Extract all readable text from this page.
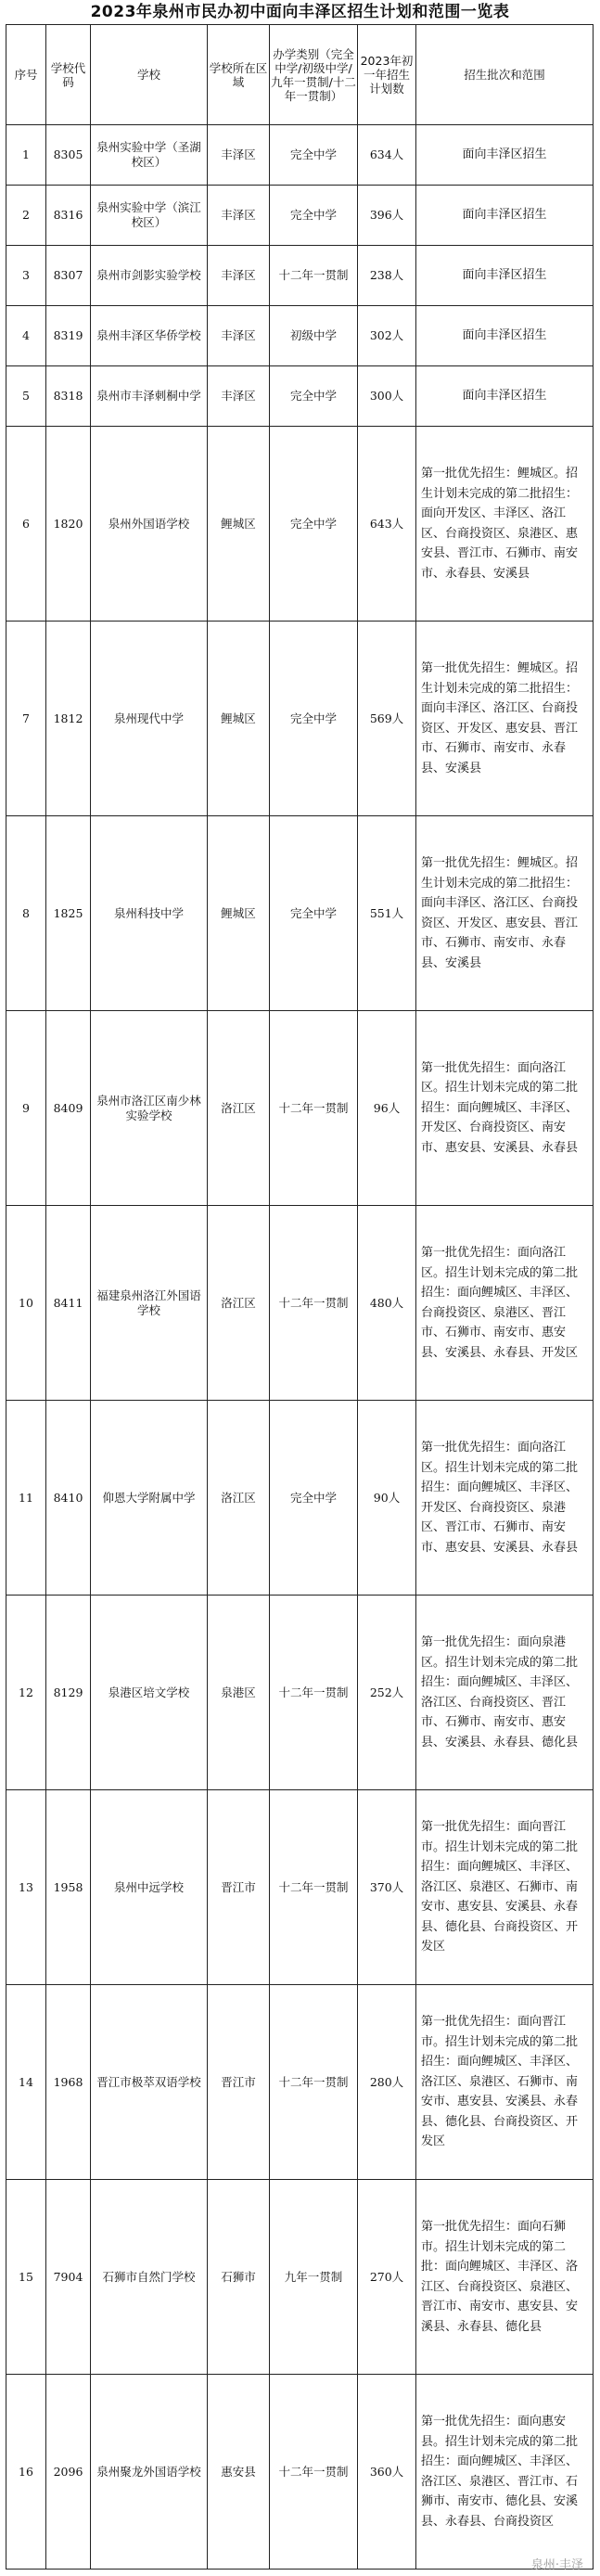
2023年泉州市民办初中面向丰泽区招生计划和范围一览表
序号	学校代码	学校	学校所在区域	办学类别（完全中学/初级中学/九年一贯制/十二年一贯制）	2023年初一年招生计划数	招生批次和范围
1	8305	泉州实验中学（圣湖校区）	丰泽区	完全中学	634人	面向丰泽区招生
2	8316	泉州实验中学（滨江校区）	丰泽区	完全中学	396人	面向丰泽区招生
3	8307	泉州市剑影实验学校	丰泽区	十二年一贯制	238人	面向丰泽区招生
4	8319	泉州丰泽区华侨学校	丰泽区	初级中学	302人	面向丰泽区招生
5	8318	泉州市丰泽刺桐中学	丰泽区	完全中学	300人	面向丰泽区招生
6	1820	泉州外国语学校	鲤城区	完全中学	643人	第一批优先招生：鲤城区。招生计划未完成的第二批招生：面向开发区、丰泽区、洛江区、台商投资区、泉港区、惠安县、晋江市、石狮市、南安市、永春县、安溪县
7	1812	泉州现代中学	鲤城区	完全中学	569人	第一批优先招生：鲤城区。招生计划未完成的第二批招生：面向丰泽区、洛江区、台商投资区、开发区、惠安县、晋江市、石狮市、南安市、永春县、安溪县
8	1825	泉州科技中学	鲤城区	完全中学	551人	第一批优先招生：鲤城区。招生计划未完成的第二批招生：面向丰泽区、洛江区、台商投资区、开发区、惠安县、晋江市、石狮市、南安市、永春县、安溪县
9	8409	泉州市洛江区南少林实验学校	洛江区	十二年一贯制	96人	第一批优先招生：面向洛江区。招生计划未完成的第二批招生：面向鲤城区、丰泽区、开发区、台商投资区、南安市、惠安县、安溪县、永春县
10	8411	福建泉州洛江外国语学校	洛江区	十二年一贯制	480人	第一批优先招生：面向洛江区。招生计划未完成的第二批招生：面向鲤城区、丰泽区、台商投资区、泉港区、晋江市、石狮市、南安市、惠安县、安溪县、永春县、开发区
11	8410	仰恩大学附属中学	洛江区	完全中学	90人	第一批优先招生：面向洛江区。招生计划未完成的第二批招生：面向鲤城区、丰泽区、开发区、台商投资区、泉港区、晋江市、石狮市、南安市、惠安县、安溪县、永春县
12	8129	泉港区培文学校	泉港区	十二年一贯制	252人	第一批优先招生：面向泉港区。招生计划未完成的第二批招生：面向鲤城区、丰泽区、洛江区、台商投资区、晋江市、石狮市、南安市、惠安县、安溪县、永春县、德化县
13	1958	泉州中远学校	晋江市	十二年一贯制	370人	第一批优先招生：面向晋江市。招生计划未完成的第二批招生：面向鲤城区、丰泽区、洛江区、泉港区、石狮市、南安市、惠安县、安溪县、永春县、德化县、台商投资区、开发区
14	1968	晋江市极萃双语学校	晋江市	十二年一贯制	280人	第一批优先招生：面向晋江市。招生计划未完成的第二批招生：面向鲤城区、丰泽区、洛江区、泉港区、石狮市、南安市、惠安县、安溪县、永春县、德化县、台商投资区、开发区
15	7904	石狮市自然门学校	石狮市	九年一贯制	270人	第一批优先招生：面向石狮市。招生计划未完成的第二批：面向鲤城区、丰泽区、洛江区、台商投资区、泉港区、晋江市、南安市、惠安县、安溪县、永春县、德化县
16	2096	泉州聚龙外国语学校	惠安县	十二年一贯制	360人	第一批优先招生：面向惠安县。招生计划未完成的第二批招生：面向鲤城区、丰泽区、洛江区、泉港区、晋江市、石狮市、南安市、德化县、安溪县、永春县、台商投资区
泉州·丰泽
